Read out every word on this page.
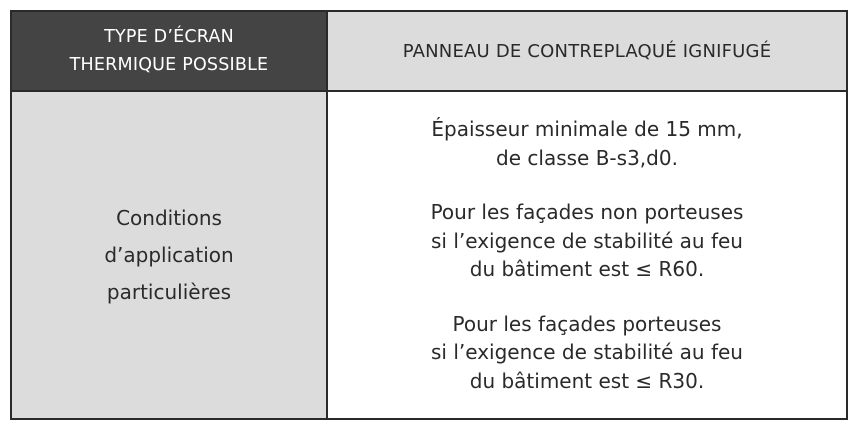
TYPE D’ÉCRAN
THERMIQUE POSSIBLE
PANNEAU DE CONTREPLAQUÉ IGNIFUGÉ
Conditions
d’application
particulières
Épaisseur minimale de 15 mm,
de classe B-s3,d0.
Pour les façades non porteuses
si l’exigence de stabilité au feu
du bâtiment est ≤ R60.
Pour les façades porteuses
si l’exigence de stabilité au feu
du bâtiment est ≤ R30.
